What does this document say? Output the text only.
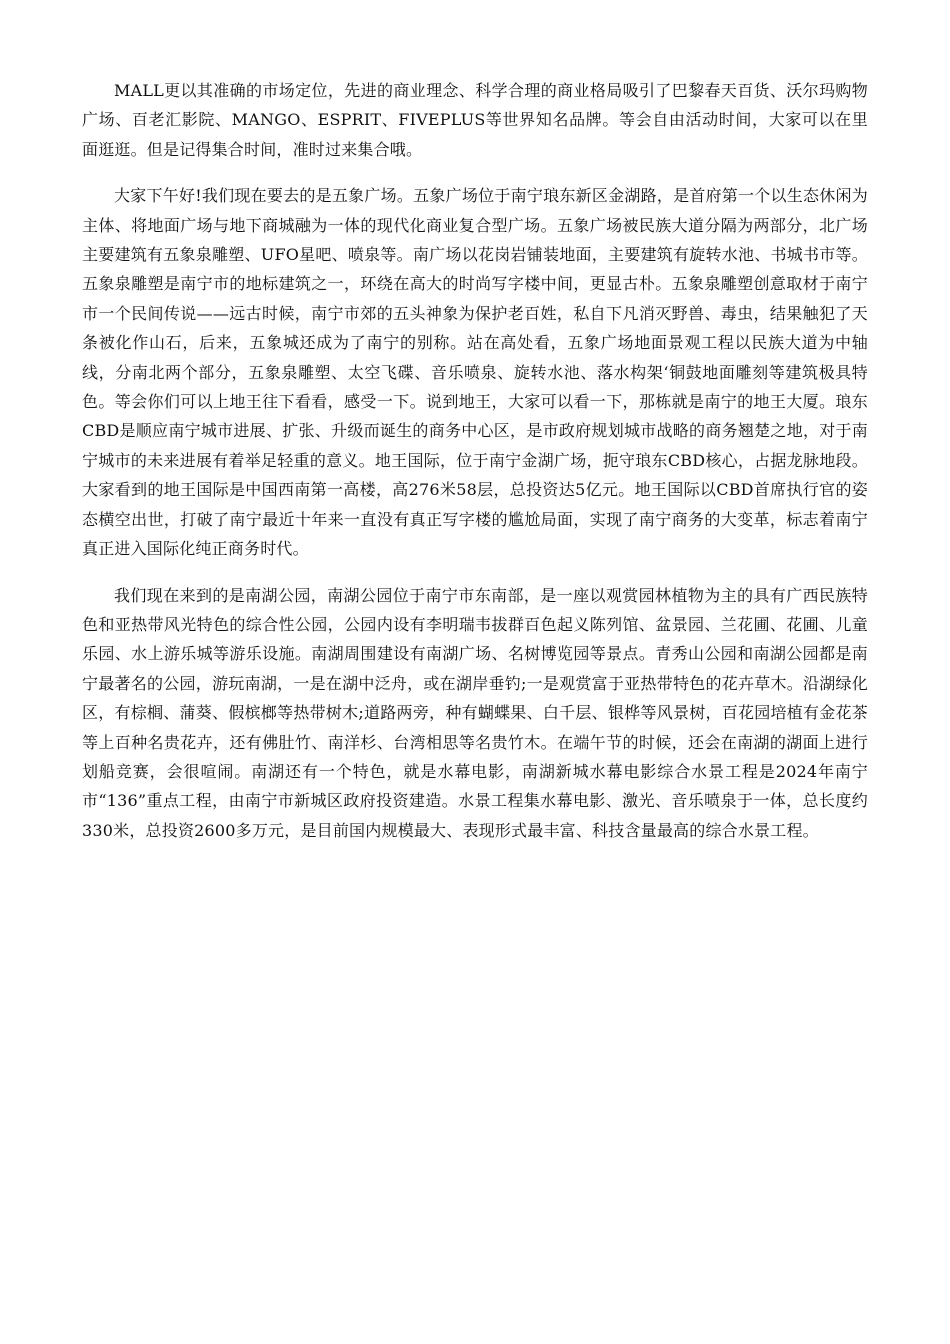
MALL更以其准确的市场定位，先进的商业理念、科学合理的商业格局吸引了巴黎春天百货、沃尔玛购物广场、百老汇影院、MANGO、ESPRIT、FIVEPLUS等世界知名品牌。等会自由活动时间，大家可以在里面逛逛。但是记得集合时间，准时过来集合哦。

大家下午好!我们现在要去的是五象广场。五象广场位于南宁琅东新区金湖路，是首府第一个以生态休闲为主体、将地面广场与地下商城融为一体的现代化商业复合型广场。五象广场被民族大道分隔为两部分，北广场主要建筑有五象泉雕塑、UFO星吧、喷泉等。南广场以花岗岩铺装地面，主要建筑有旋转水池、书城书市等。五象泉雕塑是南宁市的地标建筑之一，环绕在高大的时尚写字楼中间，更显古朴。五象泉雕塑创意取材于南宁市一个民间传说——远古时候，南宁市郊的五头神象为保护老百姓，私自下凡消灭野兽、毒虫，结果触犯了天条被化作山石，后来，五象城还成为了南宁的别称。站在高处看，五象广场地面景观工程以民族大道为中轴线，分南北两个部分，五象泉雕塑、太空飞碟、音乐喷泉、旋转水池、落水构架‘铜鼓地面雕刻等建筑极具特色。等会你们可以上地王往下看看，感受一下。说到地王，大家可以看一下，那栋就是南宁的地王大厦。琅东CBD是顺应南宁城市进展、扩张、升级而诞生的商务中心区，是市政府规划城市战略的商务翘楚之地，对于南宁城市的未来进展有着举足轻重的意义。地王国际，位于南宁金湖广场，扼守琅东CBD核心，占据龙脉地段。大家看到的地王国际是中国西南第一高楼，高276米58层，总投资达5亿元。地王国际以CBD首席执行官的姿态横空出世，打破了南宁最近十年来一直没有真正写字楼的尴尬局面，实现了南宁商务的大变革，标志着南宁真正进入国际化纯正商务时代。

我们现在来到的是南湖公园，南湖公园位于南宁市东南部，是一座以观赏园林植物为主的具有广西民族特色和亚热带风光特色的综合性公园，公园内设有李明瑞韦拔群百色起义陈列馆、盆景园、兰花圃、花圃、儿童乐园、水上游乐城等游乐设施。南湖周围建设有南湖广场、名树博览园等景点。青秀山公园和南湖公园都是南宁最著名的公园，游玩南湖，一是在湖中泛舟，或在湖岸垂钓;一是观赏富于亚热带特色的花卉草木。沿湖绿化区，有棕榈、蒲葵、假槟榔等热带树木;道路两旁，种有蝴蝶果、白千层、银桦等风景树，百花园培植有金花茶等上百种名贵花卉，还有佛肚竹、南洋杉、台湾相思等名贵竹木。在端午节的时候，还会在南湖的湖面上进行划船竞赛，会很喧闹。南湖还有一个特色，就是水幕电影，南湖新城水幕电影综合水景工程是2024年南宁市“136”重点工程，由南宁市新城区政府投资建造。水景工程集水幕电影、激光、音乐喷泉于一体，总长度约330米，总投资2600多万元，是目前国内规模最大、表现形式最丰富、科技含量最高的综合水景工程。
